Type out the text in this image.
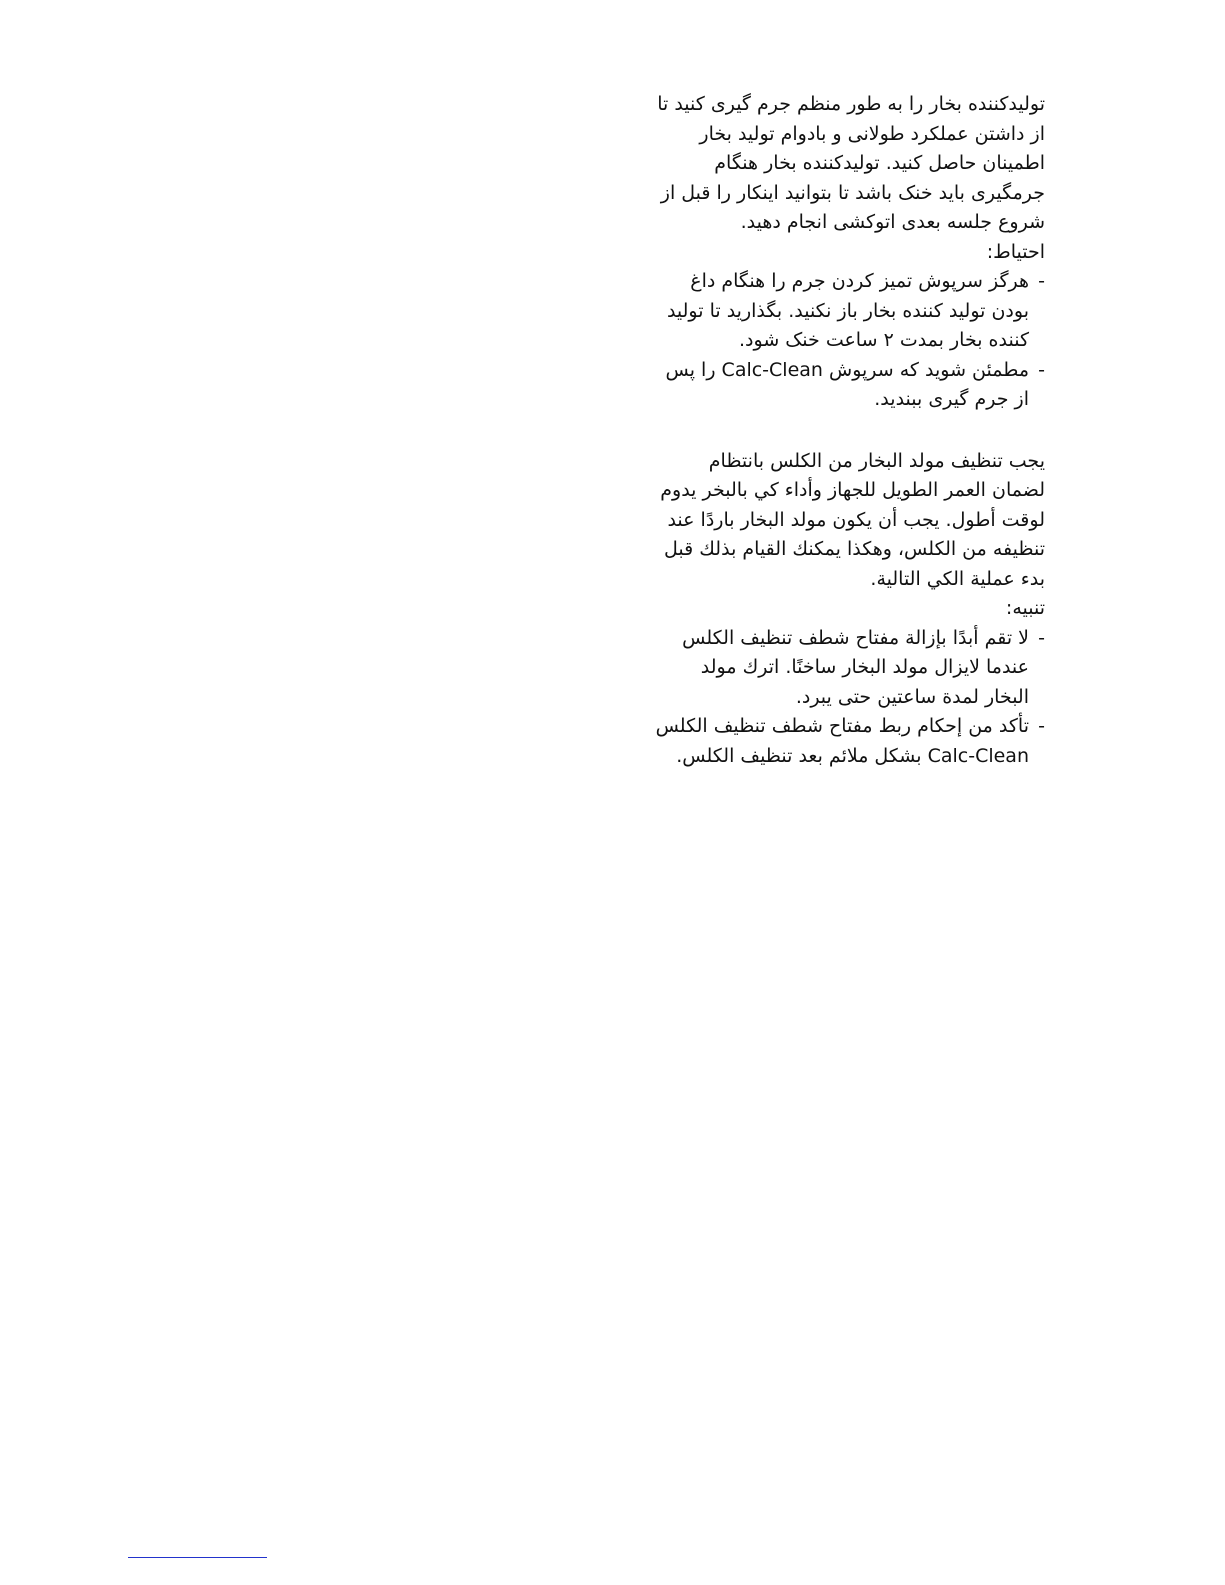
تولیدکننده بخار را به طور منظم جرم گیری کنید تا از داشتن عملکرد طولانی و بادوام تولید بخار اطمینان حاصل کنید. تولیدکننده بخار هنگام جرمگیری باید خنک باشد تا بتوانید اینکار را قبل از شروع جلسه بعدی اتوکشی انجام دهید.

احتیاط:

-
هرگز سرپوش تمیز کردن جرم را هنگام داغ بودن تولید کننده بخار باز نکنید. بگذارید تا تولید کننده بخار بمدت ۲ ساعت خنک شود.
-
مطمئن شوید که سرپوش Calc-Clean را پس از جرم گیری ببندید.

يجب تنظيف مولد البخار من الكلس بانتظام لضمان العمر الطويل للجهاز وأداء كي بالبخر يدوم لوقت أطول. يجب أن يكون مولد البخار باردًا عند تنظيفه من الكلس، وهكذا يمكنك القيام بذلك قبل بدء عملية الكي التالية.

تنبيه:

-
لا تقم أبدًا بإزالة مفتاح شطف تنظيف الكلس عندما لايزال مولد البخار ساخنًا. اترك مولد البخار لمدة ساعتين حتى يبرد.
-
تأكد من إحكام ربط مفتاح شطف تنظيف الكلس Calc-Clean بشكل ملائم بعد تنظيف الكلس.
